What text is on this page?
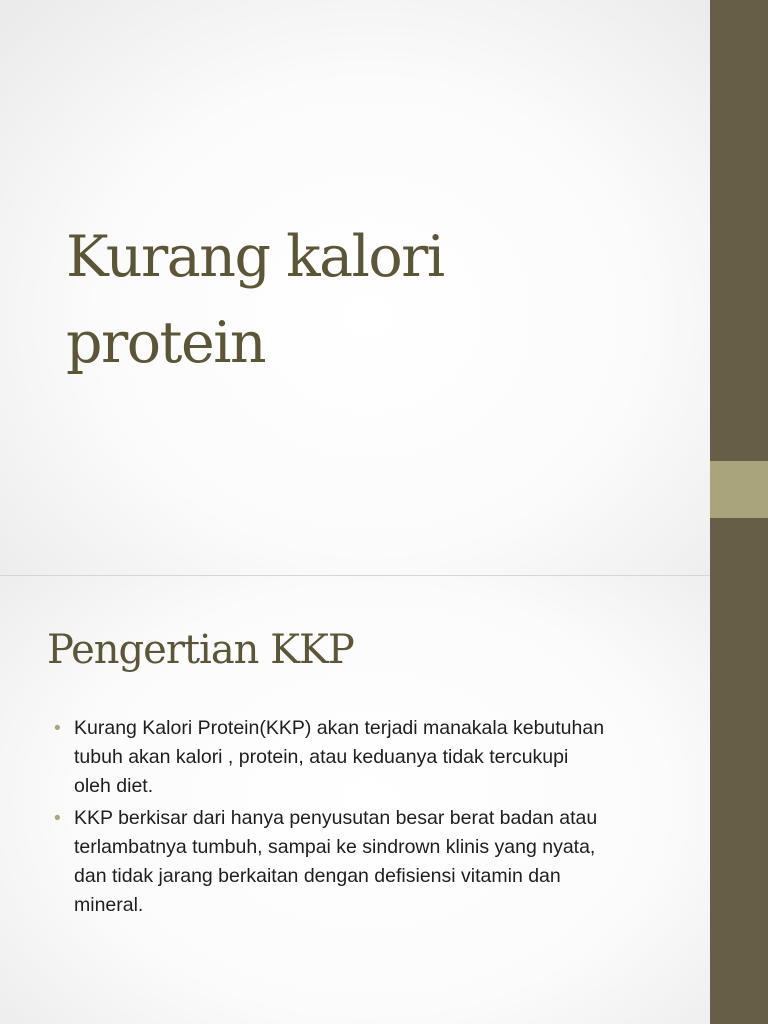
Kurang kalori
protein
Pengertian KKP
• Kurang Kalori Protein(KKP) akan terjadi manakala kebutuhan
tubuh akan kalori , protein, atau keduanya tidak tercukupi
oleh diet.
• KKP berkisar dari hanya penyusutan besar berat badan atau
terlambatnya tumbuh, sampai ke sindrown klinis yang nyata,
dan tidak jarang berkaitan dengan defisiensi vitamin dan
mineral.
